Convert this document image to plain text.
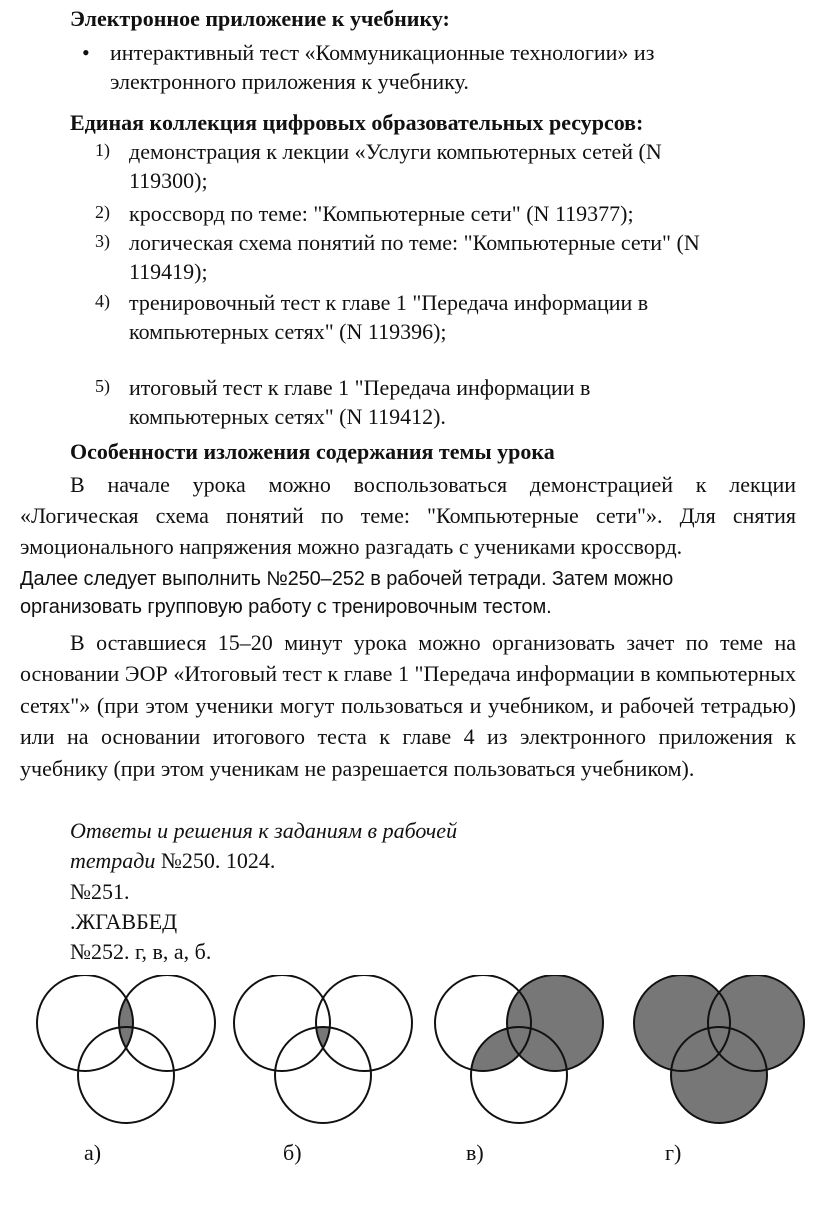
Электронное приложение к учебнику:
• интерактивный тест «Коммуникационные технологии» из электронного приложения к учебнику.
Единая коллекция цифровых образовательных ресурсов:
1) демонстрация к лекции «Услуги компьютерных сетей (N 119300);
2) кроссворд по теме: "Компьютерные сети" (N 119377);
3) логическая схема понятий по теме: "Компьютерные сети" (N 119419);
4) тренировочный тест к главе 1 "Передача информации в компьютерных сетях" (N 119396);
5) итоговый тест к главе 1 "Передача информации в компьютерных сетях" (N 119412).
Особенности изложения содержания темы урока

В начале урока можно воспользоваться демонстрацией к лекции «Логическая схема понятий по теме: "Компьютерные сети"». Для снятия эмоционального напряжения можно разгадать с учениками кроссворд.

Далее следует выполнить №250–252 в рабочей тетради. Затем можно организовать групповую работу с тренировочным тестом.

В оставшиеся 15–20 минут урока можно организовать зачет по теме на основании ЭОР «Итоговый тест к главе 1 "Передача информации в компьютерных сетях"» (при этом ученики могут пользоваться и учебником, и рабочей тетрадью) или на основании итогового теста к главе 4 из электронного приложения к учебнику (при этом ученикам не разрешается пользоваться учебником).

Ответы и решения к заданиям в рабочей
тетради №250. 1024.
№251.
.ЖГАВБЕД
№252. г, в, а, б.
а)	б)	в)	г)
